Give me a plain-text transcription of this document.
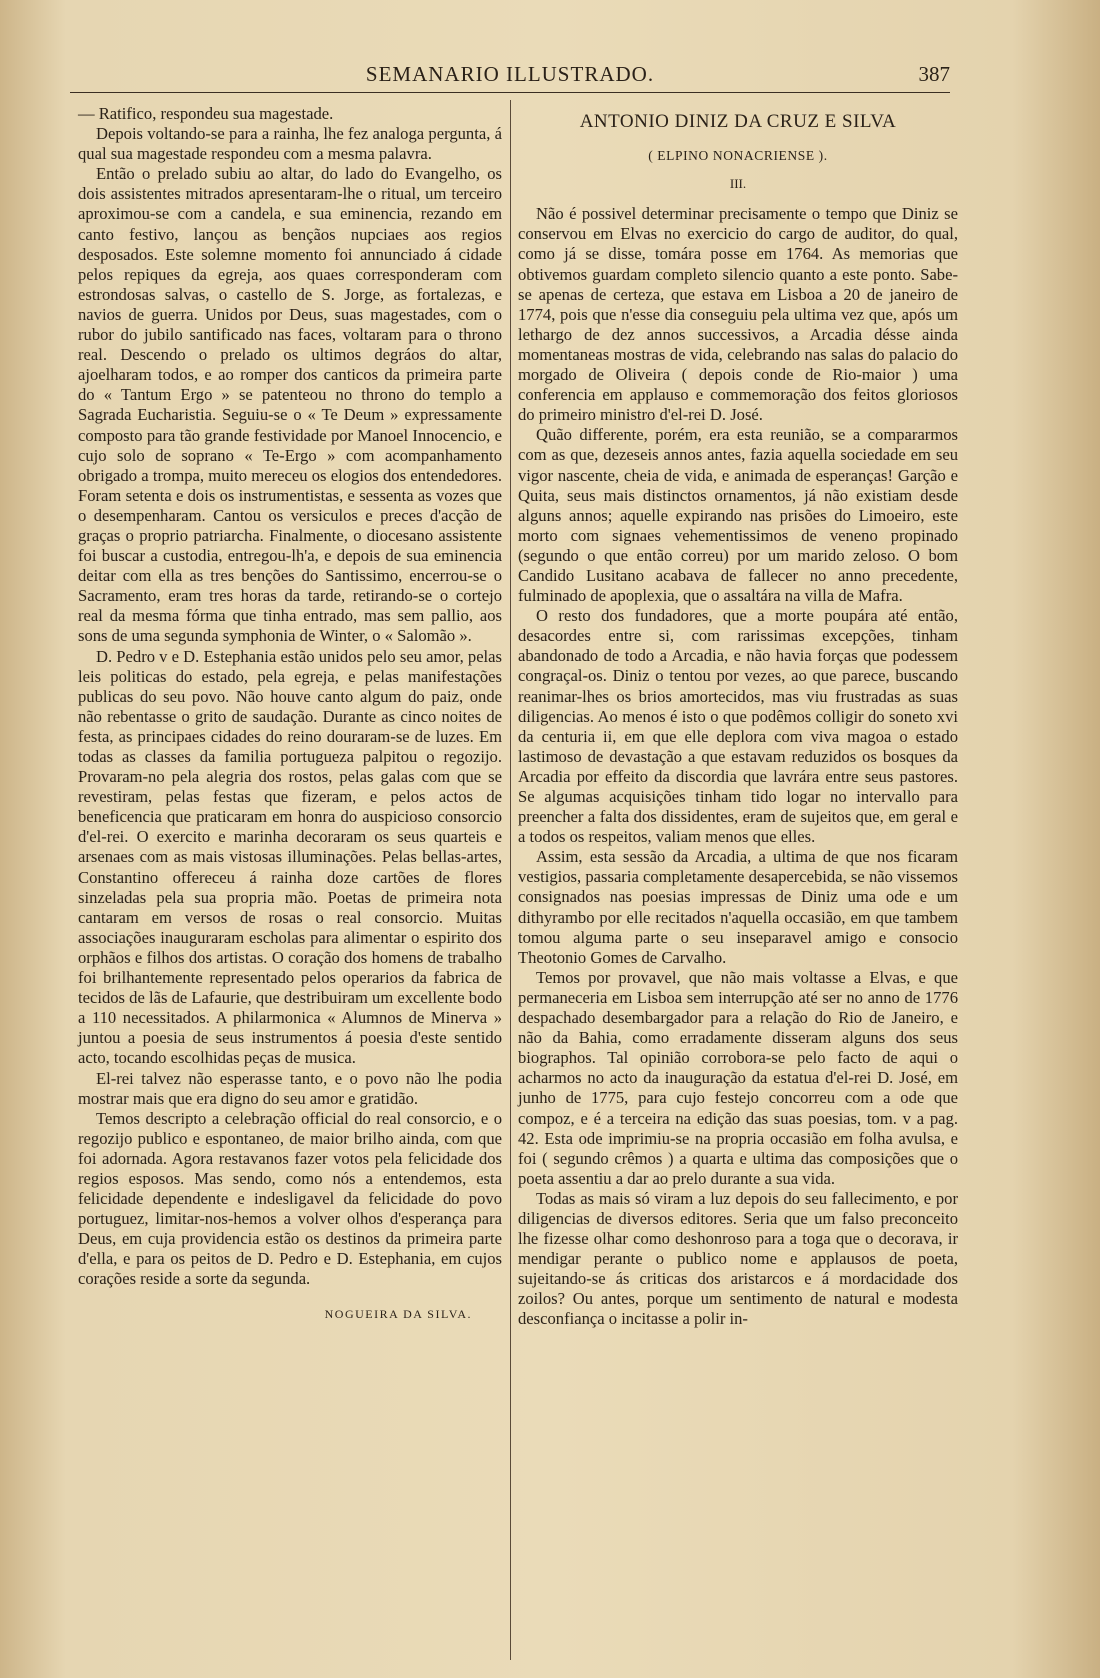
SEMANARIO ILLUSTRADO.	387

— Ratifico, respondeu sua magestade.

Depois voltando-se para a rainha, lhe fez analoga pergunta, á qual sua magestade respondeu com a mesma palavra.

Então o prelado subiu ao altar, do lado do Evangelho, os dois assistentes mitrados apresentaram-lhe o ritual, um terceiro aproximou-se com a candela, e sua eminencia, rezando em canto festivo, lançou as bençãos nupciaes aos regios desposados. Este solemne momento foi annunciado á cidade pelos repiques da egreja, aos quaes corresponderam com estrondosas salvas, o castello de S. Jorge, as fortalezas, e navios de guerra. Unidos por Deus, suas magestades, com o rubor do jubilo santificado nas faces, voltaram para o throno real. Descendo o prelado os ultimos degráos do altar, ajoelharam todos, e ao romper dos canticos da primeira parte do « Tantum Ergo » se patenteou no throno do templo a Sagrada Eucharistia. Seguiu-se o « Te Deum » expressamente composto para tão grande festividade por Manoel Innocencio, e cujo solo de soprano « Te-Ergo » com acompanhamento obrigado a trompa, muito mereceu os elogios dos entendedores. Foram setenta e dois os instrumentistas, e sessenta as vozes que o desempenharam. Cantou os versiculos e preces d'acção de graças o proprio patriarcha. Finalmente, o diocesano assistente foi buscar a custodia, entregou-lh'a, e depois de sua eminencia deitar com ella as tres benções do Santissimo, encerrou-se o Sacramento, eram tres horas da tarde, retirando-se o cortejo real da mesma fórma que tinha entrado, mas sem pallio, aos sons de uma segunda symphonia de Winter, o « Salomão ».

D. Pedro v e D. Estephania estão unidos pelo seu amor, pelas leis politicas do estado, pela egreja, e pelas manifestações publicas do seu povo. Não houve canto algum do paiz, onde não rebentasse o grito de saudação. Durante as cinco noites de festa, as principaes cidades do reino douraram-se de luzes. Em todas as classes da familia portugueza palpitou o regozijo. Provaram-no pela alegria dos rostos, pelas galas com que se revestiram, pelas festas que fizeram, e pelos actos de beneficencia que praticaram em honra do auspicioso consorcio d'el-rei. O exercito e marinha decoraram os seus quarteis e arsenaes com as mais vistosas illuminações. Pelas bellas-artes, Constantino offereceu á rainha doze cartões de flores sinzeladas pela sua propria mão. Poetas de primeira nota cantaram em versos de rosas o real consorcio. Muitas associações inauguraram escholas para alimentar o espirito dos orphãos e filhos dos artistas. O coração dos homens de trabalho foi brilhantemente representado pelos operarios da fabrica de tecidos de lãs de Lafaurie, que destribuiram um excellente bodo a 110 necessitados. A philarmonica « Alumnos de Minerva » juntou a poesia de seus instrumentos á poesia d'este sentido acto, tocando escolhidas peças de musica.

El-rei talvez não esperasse tanto, e o povo não lhe podia mostrar mais que era digno do seu amor e gratidão.

Temos descripto a celebração official do real consorcio, e o regozijo publico e espontaneo, de maior brilho ainda, com que foi adornada. Agora restavanos fazer votos pela felicidade dos regios esposos. Mas sendo, como nós a entendemos, esta felicidade dependente e indesligavel da felicidade do povo portuguez, limitar-nos-hemos a volver olhos d'esperança para Deus, em cuja providencia estão os destinos da primeira parte d'ella, e para os peitos de D. Pedro e D. Estephania, em cujos corações reside a sorte da segunda.

NOGUEIRA DA SILVA.
ANTONIO DINIZ DA CRUZ E SILVA
( ELPINO NONACRIENSE ).
III.

Não é possivel determinar precisamente o tempo que Diniz se conservou em Elvas no exercicio do cargo de auditor, do qual, como já se disse, tomára posse em 1764. As memorias que obtivemos guardam completo silencio quanto a este ponto. Sabe-se apenas de certeza, que estava em Lisboa a 20 de janeiro de 1774, pois que n'esse dia conseguiu pela ultima vez que, após um lethargo de dez annos successivos, a Arcadia désse ainda momentaneas mostras de vida, celebrando nas salas do palacio do morgado de Oliveira ( depois conde de Rio-maior ) uma conferencia em applauso e commemoração dos feitos gloriosos do primeiro ministro d'el-rei D. José.

Quão differente, porém, era esta reunião, se a compararmos com as que, dezeseis annos antes, fazia aquella sociedade em seu vigor nascente, cheia de vida, e animada de esperanças! Garção e Quita, seus mais distinctos ornamentos, já não existiam desde alguns annos; aquelle expirando nas prisões do Limoeiro, este morto com signaes vehementissimos de veneno propinado (segundo o que então correu) por um marido zeloso. O bom Candido Lusitano acabava de fallecer no anno precedente, fulminado de apoplexia, que o assaltára na villa de Mafra.

O resto dos fundadores, que a morte poupára até então, desacordes entre si, com rarissimas excepções, tinham abandonado de todo a Arcadia, e não havia forças que podessem congraçal-os. Diniz o tentou por vezes, ao que parece, buscando reanimar-lhes os brios amortecidos, mas viu frustradas as suas diligencias. Ao menos é isto o que podêmos colligir do soneto xvi da centuria ii, em que elle deplora com viva magoa o estado lastimoso de devastação a que estavam reduzidos os bosques da Arcadia por effeito da discordia que lavrára entre seus pastores. Se algumas acquisições tinham tido logar no intervallo para preencher a falta dos dissidentes, eram de sujeitos que, em geral e a todos os respeitos, valiam menos que elles.

Assim, esta sessão da Arcadia, a ultima de que nos ficaram vestigios, passaria completamente desapercebida, se não vissemos consignados nas poesias impressas de Diniz uma ode e um dithyrambo por elle recitados n'aquella occasião, em que tambem tomou alguma parte o seu inseparavel amigo e consocio Theotonio Gomes de Carvalho.

Temos por provavel, que não mais voltasse a Elvas, e que permaneceria em Lisboa sem interrupção até ser no anno de 1776 despachado desembargador para a relação do Rio de Janeiro, e não da Bahia, como erradamente disseram alguns dos seus biographos. Tal opinião corrobora-se pelo facto de aqui o acharmos no acto da inauguração da estatua d'el-rei D. José, em junho de 1775, para cujo festejo concorreu com a ode que compoz, e é a terceira na edição das suas poesias, tom. v a pag. 42. Esta ode imprimiu-se na propria occasião em folha avulsa, e foi ( segundo crêmos ) a quarta e ultima das composições que o poeta assentiu a dar ao prelo durante a sua vida.

Todas as mais só viram a luz depois do seu fallecimento, e por diligencias de diversos editores. Seria que um falso preconceito lhe fizesse olhar como deshonroso para a toga que o decorava, ir mendigar perante o publico nome e applausos de poeta, sujeitando-se ás criticas dos aristarcos e á mordacidade dos zoilos? Ou antes, porque um sentimento de natural e modesta desconfiança o incitasse a polir in-
